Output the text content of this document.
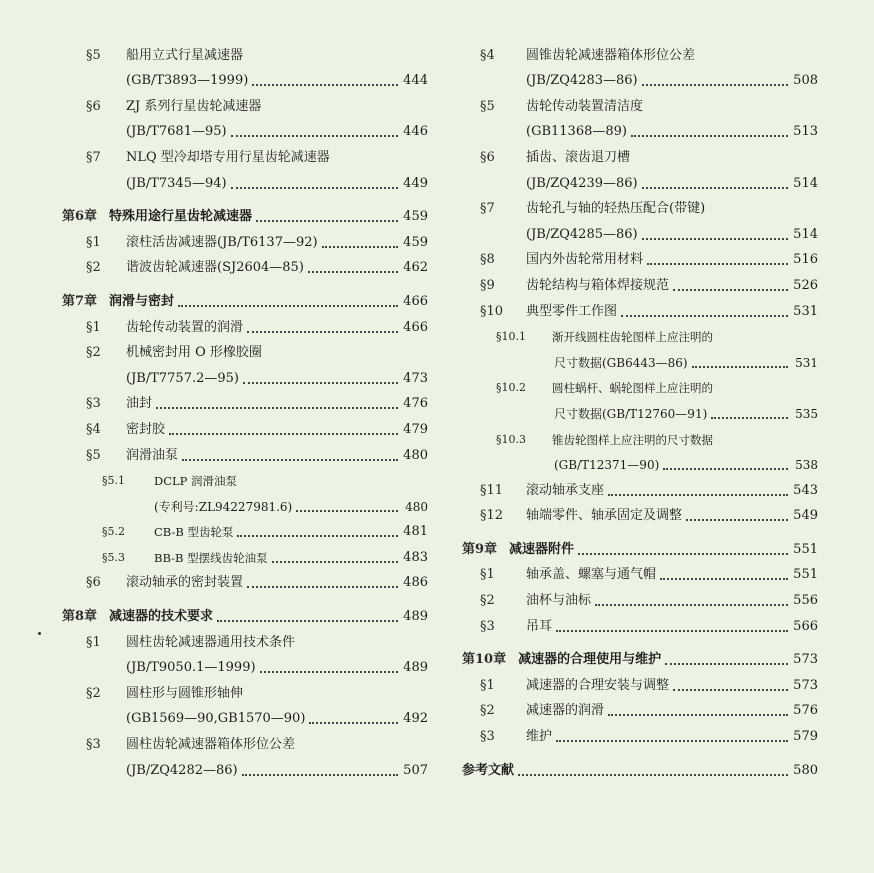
§5	船用立式行星减速器
(GB/T3893—1999)	444
§6	ZJ 系列行星齿轮减速器
(JB/T7681—95)	446
§7	NLQ 型冷却塔专用行星齿轮减速器
(JB/T7345—94)	449
第6章 特殊用途行星齿轮减速器	459
§1	滚柱活齿减速器(JB/T6137—92)	459
§2	谐波齿轮减速器(SJ2604—85)	462
第7章 润滑与密封	466
§1	齿轮传动装置的润滑	466
§2	机械密封用 O 形橡胶圈
(JB/T7757.2—95)	473
§3	油封	476
§4	密封胶	479
§5	润滑油泵	480
§5.1	DCLP 润滑油泵
(专利号:ZL94227981.6)	480
§5.2	CB-B 型齿轮泵	481
§5.3	BB-B 型摆线齿轮油泵	483
§6	滚动轴承的密封装置	486
第8章 减速器的技术要求	489
§1	圆柱齿轮减速器通用技术条件
(JB/T9050.1—1999)	489
§2	圆柱形与圆锥形轴伸
(GB1569—90,GB1570—90)	492
§3	圆柱齿轮减速器箱体形位公差
(JB/ZQ4282—86)	507
§4	圆锥齿轮减速器箱体形位公差
(JB/ZQ4283—86)	508
§5	齿轮传动装置清洁度
(GB11368—89)	513
§6	插齿、滚齿退刀槽
(JB/ZQ4239—86)	514
§7	齿轮孔与轴的轻热压配合(带键)
(JB/ZQ4285—86)	514
§8	国内外齿轮常用材料	516
§9	齿轮结构与箱体焊接规范	526
§10	典型零件工作图	531
§10.1	渐开线圆柱齿轮图样上应注明的
尺寸数据(GB6443—86)	531
§10.2	圆柱蜗杆、蜗轮图样上应注明的
尺寸数据(GB/T12760—91)	535
§10.3	锥齿轮图样上应注明的尺寸数据
(GB/T12371—90)	538
§11	滚动轴承支座	543
§12	轴端零件、轴承固定及调整	549
第9章 减速器附件	551
§1	轴承盖、螺塞与通气帽	551
§2	油杯与油标	556
§3	吊耳	566
第10章 减速器的合理使用与维护	573
§1	减速器的合理安装与调整	573
§2	减速器的润滑	576
§3	维护	579
参考文献	580
